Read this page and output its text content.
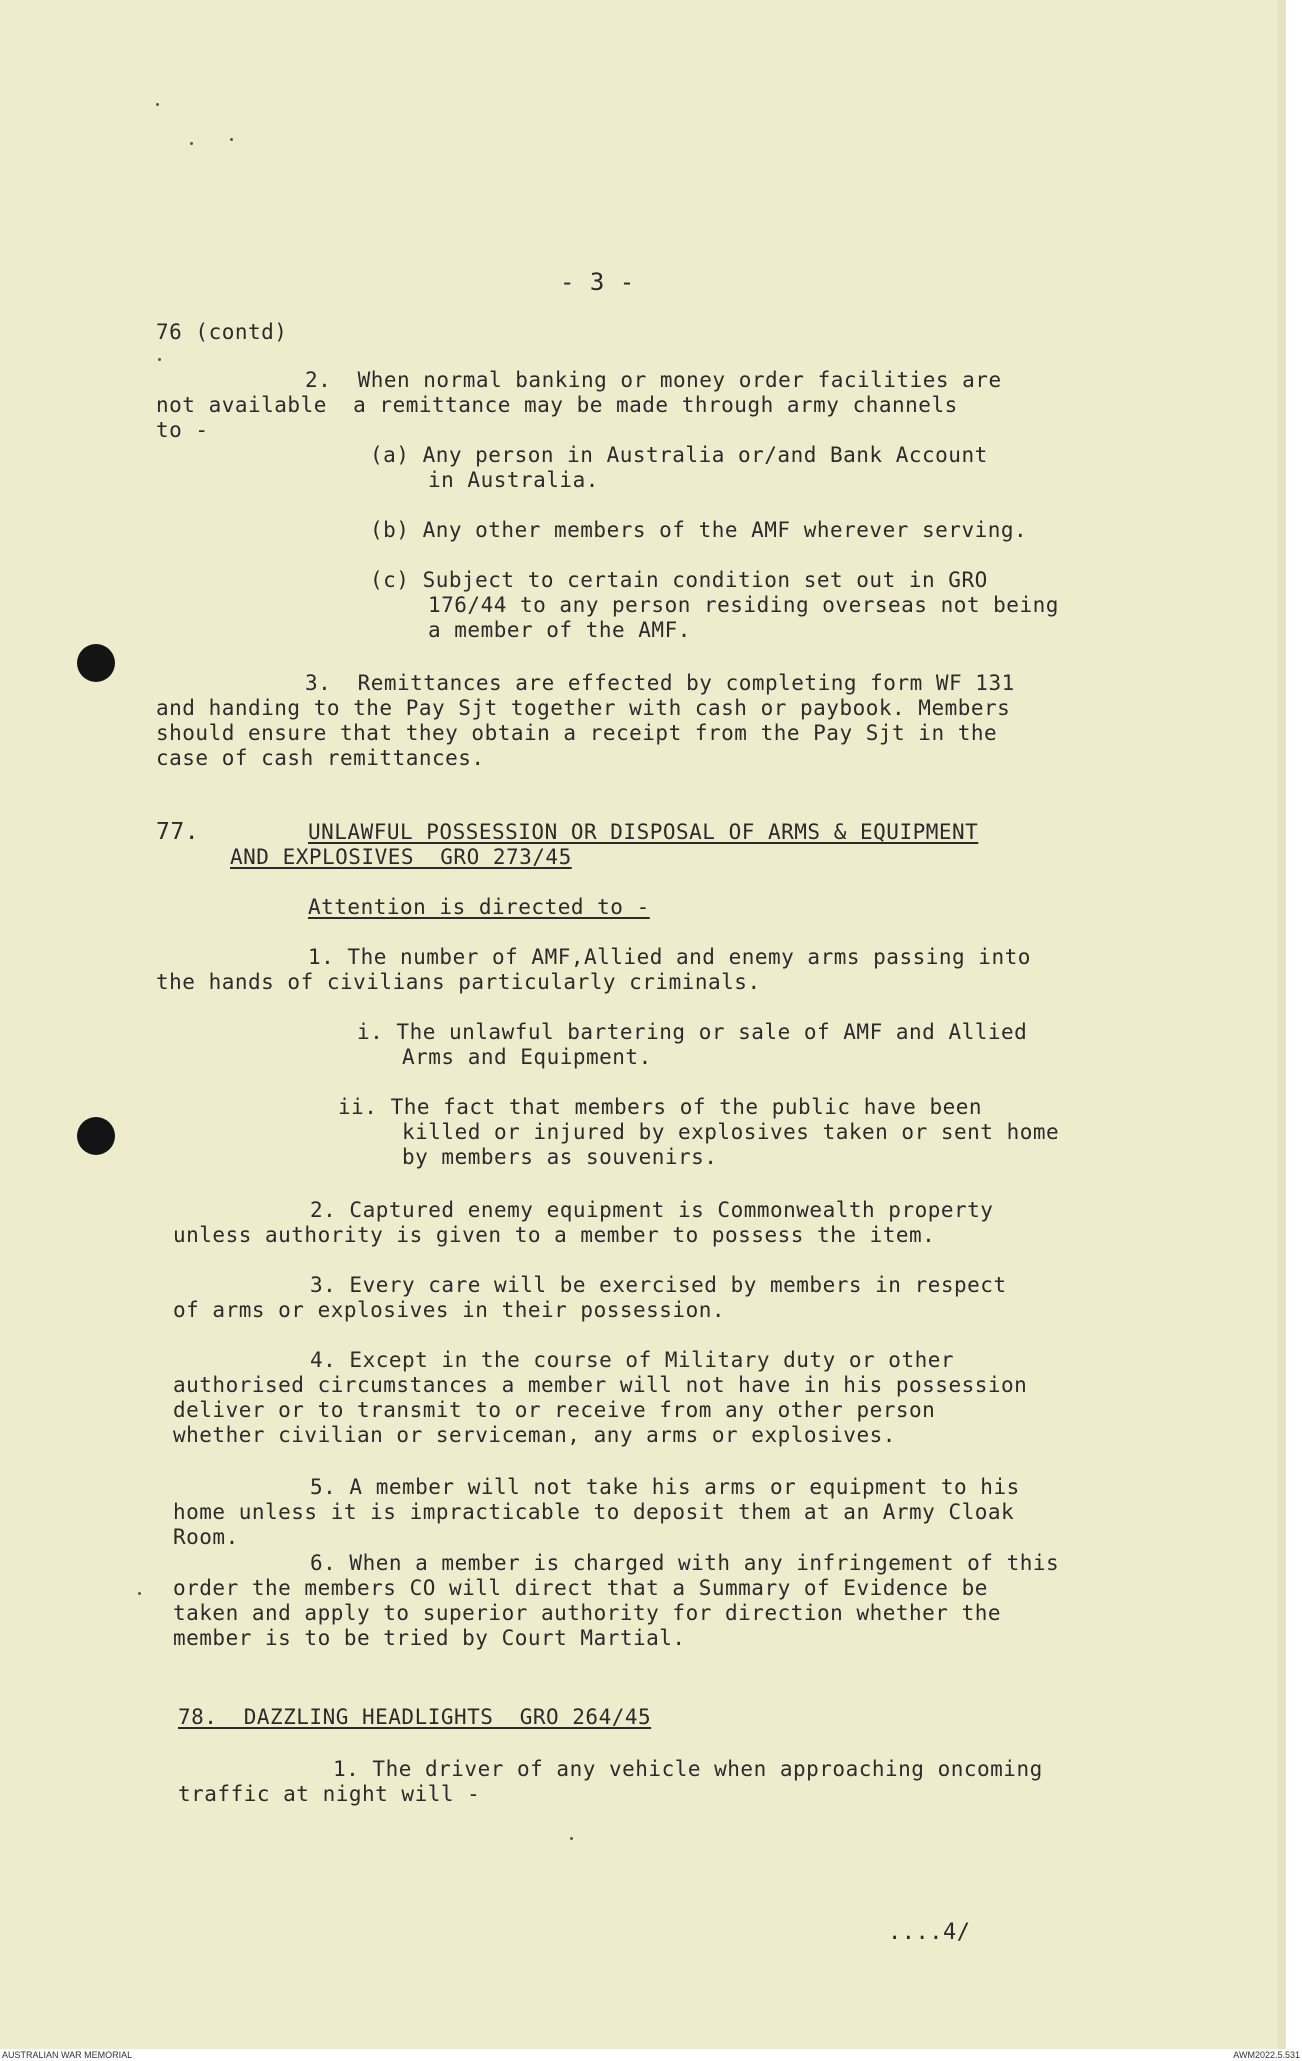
- 3 -
76 (contd)
2.  When normal banking or money order facilities are
not available  a remittance may be made through army channels
to -
(a) Any person in Australia or/and Bank Account
in Australia.
(b) Any other members of the AMF wherever serving.
(c) Subject to certain condition set out in GRO
176/44 to any person residing overseas not being
a member of the AMF.
3.  Remittances are effected by completing form WF 131
and handing to the Pay Sjt together with cash or paybook. Members
should ensure that they obtain a receipt from the Pay Sjt in the
case of cash remittances.
77.	UNLAWFUL POSSESSION OR DISPOSAL OF ARMS & EQUIPMENT
AND EXPLOSIVES  GRO 273/45
Attention is directed to -
1. The number of AMF,Allied and enemy arms passing into
the hands of civilians particularly criminals.
i. The unlawful bartering or sale of AMF and Allied
Arms and Equipment.
ii. The fact that members of the public have been
killed or injured by explosives taken or sent home
by members as souvenirs.
2. Captured enemy equipment is Commonwealth property
unless authority is given to a member to possess the item.
3. Every care will be exercised by members in respect
of arms or explosives in their possession.
4. Except in the course of Military duty or other
authorised circumstances a member will not have in his possession
deliver or to transmit to or receive from any other person
whether civilian or serviceman, any arms or explosives.
5. A member will not take his arms or equipment to his
home unless it is impracticable to deposit them at an Army Cloak
Room.
6. When a member is charged with any infringement of this
order the members CO will direct that a Summary of Evidence be
taken and apply to superior authority for direction whether the
member is to be tried by Court Martial.
78.  DAZZLING HEADLIGHTS  GRO 264/45
1. The driver of any vehicle when approaching oncoming
traffic at night will -
....4/
AUSTRALIAN WAR MEMORIAL	AWM2022.5.531
